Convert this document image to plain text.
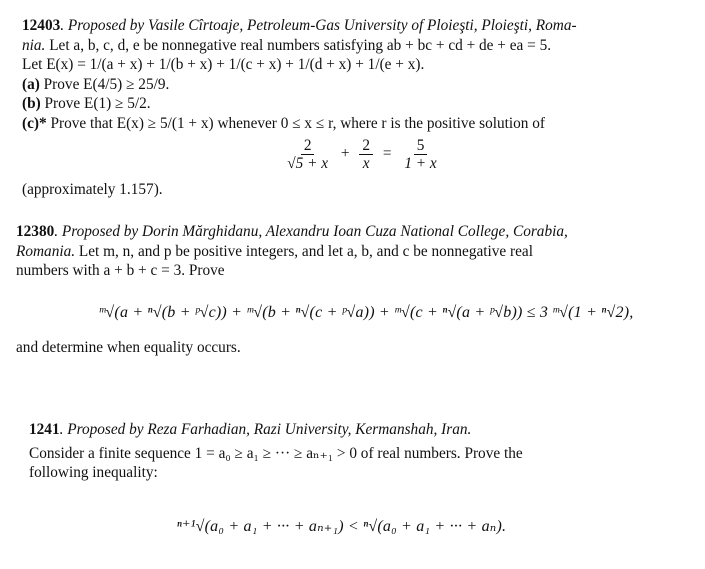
12403. Proposed by Vasile Cîrtoaje, Petroleum-Gas University of Ploieşti, Ploieşti, Roma-
nia. Let a, b, c, d, e be nonnegative real numbers satisfying ab + bc + cd + de + ea = 5.
Let E(x) = 1/(a + x) + 1/(b + x) + 1/(c + x) + 1/(d + x) + 1/(e + x).
(a) Prove E(4/5) ≥ 25/9.
(b) Prove E(1) ≥ 5/2.
(c)* Prove that E(x) ≥ 5/(1 + x) whenever 0 ≤ x ≤ r, where r is the positive solution of
$\frac{2}{√5 + x} + \frac{2}{x} = \frac{5}{1 + x}$
(approximately 1.157).
12380. Proposed by Dorin Mărghidanu, Alexandru Ioan Cuza National College, Corabia,
Romania. Let m, n, and p be positive integers, and let a, b, and c be nonnegative real
numbers with a + b + c = 3. Prove
ᵐ√(a + ⁿ√(b + ᵖ√c)) + ᵐ√(b + ⁿ√(c + ᵖ√a)) + ᵐ√(c + ⁿ√(a + ᵖ√b)) ≤ 3 ᵐ√(1 + ⁿ√2),
and determine when equality occurs.
1241. Proposed by Reza Farhadian, Razi University, Kermanshah, Iran.
Consider a finite sequence 1 = a₀ ≥ a₁ ≥ ··· ≥ aₙ₊₁ > 0 of real numbers. Prove the
following inequality:
ⁿ⁺¹√(a₀ + a₁ + ··· + aₙ₊₁) < ⁿ√(a₀ + a₁ + ··· + aₙ).
